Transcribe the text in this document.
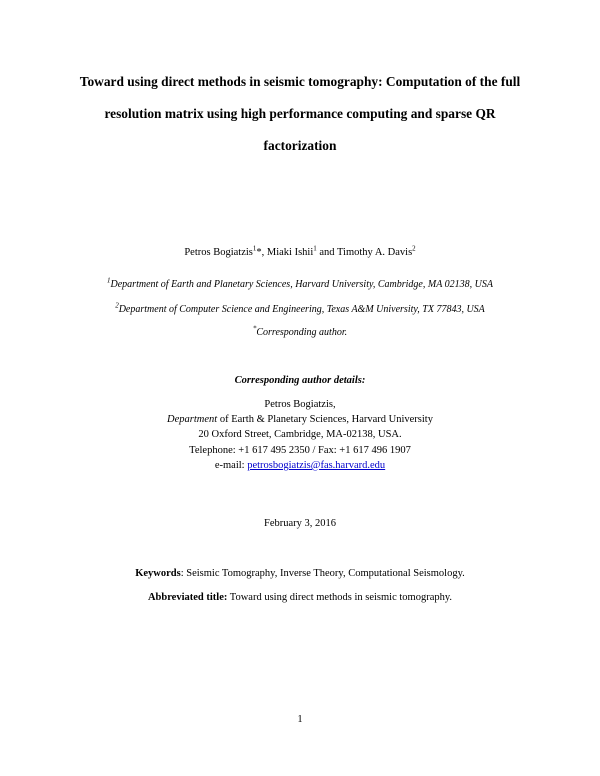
Toward using direct methods in seismic tomography: Computation of the full
resolution matrix using high performance computing and sparse QR
factorization
Petros Bogiatzis$^1$*, Miaki Ishii$^1$ and Timothy A. Davis$^2$
$^1$Department of Earth and Planetary Sciences, Harvard University, Cambridge, MA 02138, USA
$^2$Department of Computer Science and Engineering, Texas A&M University, TX 77843, USA
*Corresponding author.
Corresponding author details:
Petros Bogiatzis,
Department of Earth & Planetary Sciences, Harvard University
20 Oxford Street, Cambridge, MA-02138, USA.
Telephone: +1 617 495 2350 / Fax: +1 617 496 1907
e-mail: petrosbogiatzis@fas.harvard.edu
February 3, 2016
Keywords: Seismic Tomography, Inverse Theory, Computational Seismology.
Abbreviated title: Toward using direct methods in seismic tomography.
1
